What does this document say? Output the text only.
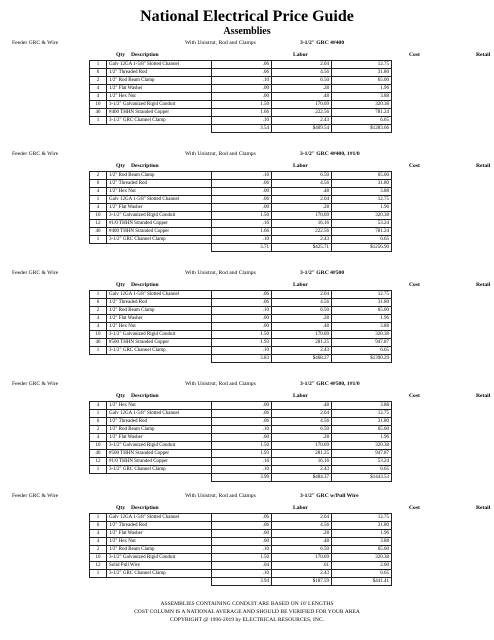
National Electrical Price Guide
Assemblies
Feeder GRC & Wire	With Unistrut, Rod and Clamps	3-1/2" GRC 4#400
Qty Description	Labor	Cost	Retail
1	Galv 12GA 1-5/8" Slotted Channel	.06	2.04	12.75
6	1/2" Threaded Rod	.06	4.56	31.80
2	1/2" Rod Beam Clamp	.10	6.50	65.00
4	1/2" Flat Washer	.00	.28	1.96
4	1/2" Hex Nut	.00	.48	3.88
10	3-1/2" Galvanized Rigid Conduit	1.50	170.69	320.38
46	#400 THHN Stranded Copper	1.66	222.56	781.24
1	3-1/2" GRC Channel Clamp	.10	2.43	6.65
		3.54	$409.54	$1283.66
Feeder GRC & Wire	With Unistrut, Rod and Clamps	3-1/2" GRC 4#400, 1#1/0
Qty Description	Labor	Cost	Retail
2	1/2" Rod Beam Clamp	.10	6.50	65.00
6	1/2" Threaded Rod	.06	4.56	31.80
4	1/2" Hex Nut	.00	.48	3.88
1	Galv 12GA 1-5/8" Slotted Channel	.06	2.04	12.75
4	1/2" Flat Washer	.00	.28	1.96
10	3-1/2" Galvanized Rigid Conduit	1.50	170.69	320.38
12	#1/0 THHN Stranded Copper	.16	16.16	53.24
46	#400 THHN Stranded Copper	1.66	222.56	781.24
1	3-1/2" GRC Channel Clamp	.10	2.43	6.65
		3.71	$425.71	$1256.90
Feeder GRC & Wire	With Unistrut, Rod and Clamps	3-1/2" GRC 4#500
Qty Description	Labor	Cost	Retail
1	Galv 12GA 1-5/8" Slotted Channel	.06	2.04	12.75
6	1/2" Threaded Rod	.06	4.56	31.80
2	1/2" Rod Beam Clamp	.10	6.50	65.00
4	1/2" Flat Washer	.00	.28	1.96
4	1/2" Hex Nut	.00	.48	3.88
10	3-1/2" Galvanized Rigid Conduit	1.50	170.69	320.38
46	#500 THHN Stranded Copper	1.93	281.25	947.87
1	3-1/2" GRC Channel Clamp	.10	2.43	6.65
		3.83	$468.27	$1390.29
Feeder GRC & Wire	With Unistrut, Rod and Clamps	3-1/2" GRC 4#500, 1#1/0
Qty Description	Labor	Cost	Retail
4	1/2" Hex Nut	.00	.48	3.88
1	Galv 12GA 1-5/8" Slotted Channel	.06	2.04	12.75
6	1/2" Threaded Rod	.06	4.56	31.80
2	1/2" Rod Beam Clamp	.10	6.50	65.00
4	1/2" Flat Washer	.00	.28	1.96
10	3-1/2" Galvanized Rigid Conduit	1.50	170.69	320.38
46	#500 THHN Stranded Copper	1.93	281.25	947.87
12	#1/0 THHN Stranded Copper	.16	16.16	53.24
1	3-1/2" GRC Channel Clamp	.10	2.43	6.65
		3.99	$484.37	$1443.53
Feeder GRC & Wire	With Unistrut, Rod and Clamps	3-1/2" GRC w/Pull Wire
Qty Description	Labor	Cost	Retail
1	Galv 12GA 1-5/8" Slotted Channel	.06	2.04	12.75
6	1/2" Threaded Rod	.06	4.56	31.80
4	1/2" Flat Washer	.00	.28	1.96
4	1/2" Hex Nut	.00	.48	3.88
2	1/2" Rod Beam Clamp	.10	6.50	65.00
10	3-1/2" Galvanized Rigid Conduit	1.50	170.69	320.38
12	Solid Pull Wire	.04	.61	2.00
1	3-1/2" GRC Channel Clamp	.10	2.43	6.65
		3.94	$187.59	$441.41
ASSEMBLIES CONTAINING CONDUIT ARE BASED ON 10' LENGTHS
COST COLUMN IS A NATIONAL AVERAGE AND SHOULD BE VERIFIED FOR YOUR AREA
COPYRIGHT @ 1996-2019 by ELECTRICAL RESOURCES, INC.
